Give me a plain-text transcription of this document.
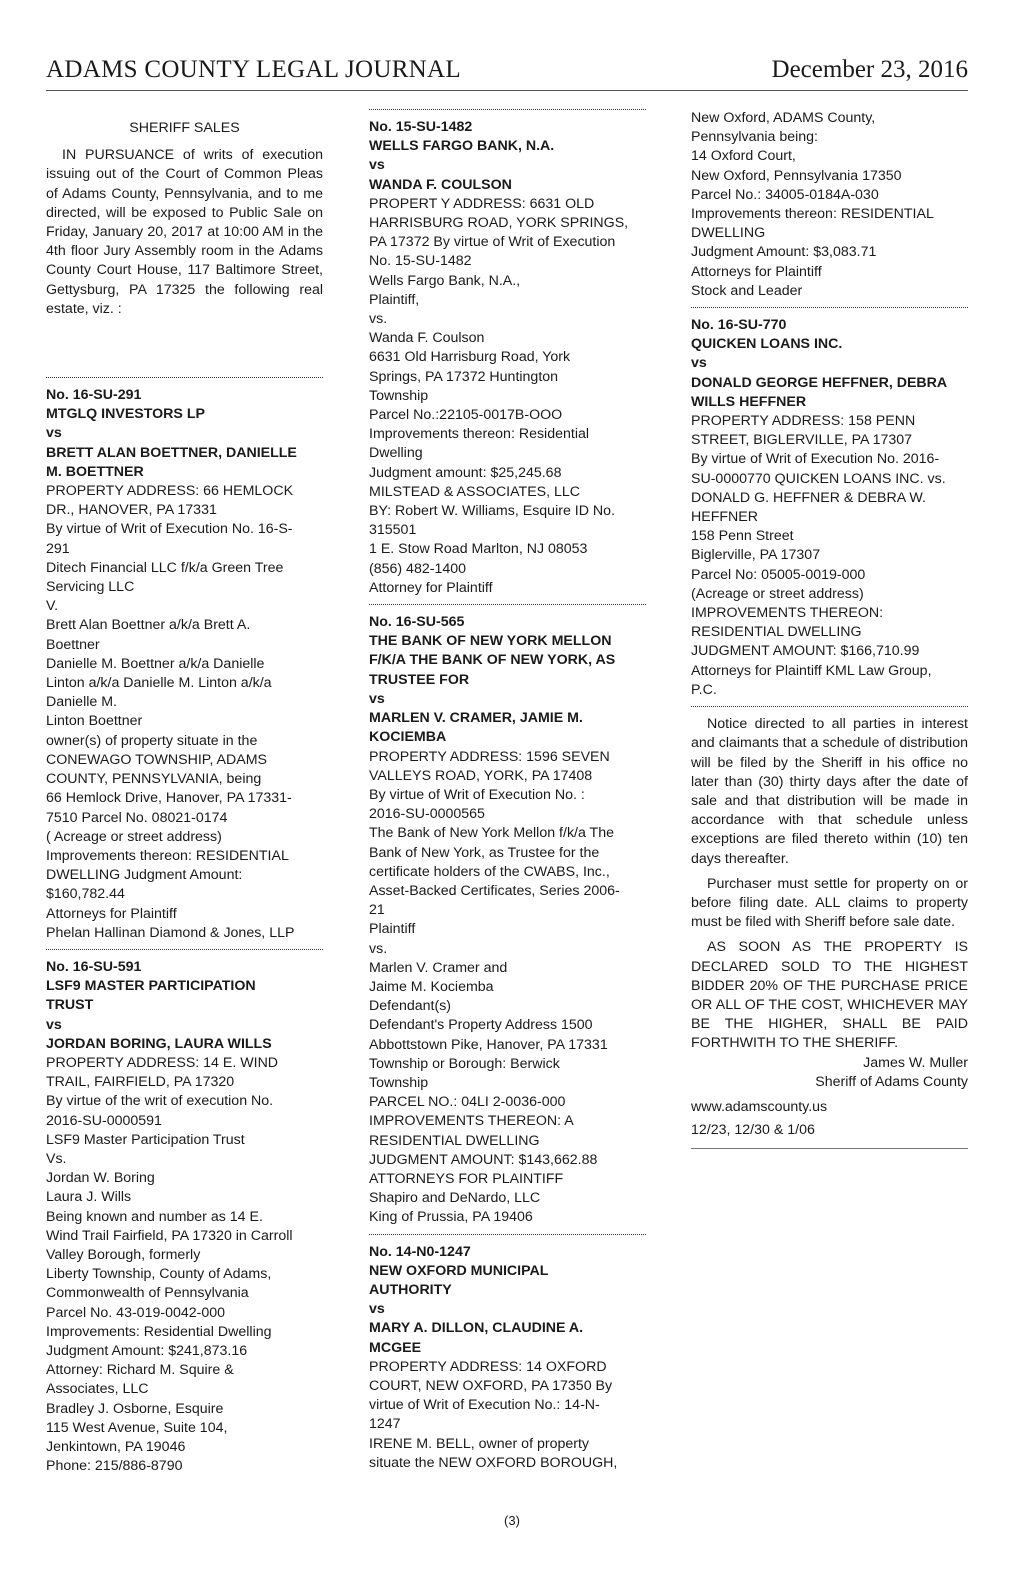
ADAMS COUNTY LEGAL JOURNAL	December 23, 2016
SHERIFF SALES
IN PURSUANCE of writs of execution issuing out of the Court of Common Pleas of Adams County, Pennsylvania, and to me directed, will be exposed to Public Sale on Friday, January 20, 2017 at 10:00 AM in the 4th floor Jury Assembly room in the Adams County Court House, 117 Baltimore Street, Gettysburg, PA 17325 the following real estate, viz. :
No. 16-SU-291
MTGLQ INVESTORS LP
vs
BRETT ALAN BOETTNER, DANIELLE
M. BOETTNER
PROPERTY ADDRESS: 66 HEMLOCK
DR., HANOVER, PA 17331
By virtue of Writ of Execution No. 16-S-
291
Ditech Financial LLC f/k/a Green Tree
Servicing LLC
V.
Brett Alan Boettner a/k/a Brett A.
Boettner
Danielle M. Boettner a/k/a Danielle
Linton a/k/a Danielle M. Linton a/k/a
Danielle M.
Linton Boettner
owner(s) of property situate in the
CONEWAGO TOWNSHIP, ADAMS
COUNTY, PENNSYLVANIA, being
66 Hemlock Drive, Hanover, PA 17331-
7510 Parcel No. 08021-0174
( Acreage or street address)
Improvements thereon: RESIDENTIAL
DWELLING Judgment Amount:
$160,782.44
Attorneys for Plaintiff
Phelan Hallinan Diamond & Jones, LLP
No. 16-SU-591
LSF9 MASTER PARTICIPATION
TRUST
vs
JORDAN BORING, LAURA WILLS
PROPERTY ADDRESS: 14 E. WIND
TRAIL, FAIRFIELD, PA 17320
By virtue of the writ of execution No.
2016-SU-0000591
LSF9 Master Participation Trust
Vs.
Jordan W. Boring
Laura J. Wills
Being known and number as 14 E.
Wind Trail Fairfield, PA 17320 in Carroll
Valley Borough, formerly
Liberty Township, County of Adams,
Commonwealth of Pennsylvania
Parcel No. 43-019-0042-000
Improvements: Residential Dwelling
Judgment Amount: $241,873.16
Attorney: Richard M. Squire &
Associates, LLC
Bradley J. Osborne, Esquire
115 West Avenue, Suite 104,
Jenkintown, PA 19046
Phone: 215/886-8790
No. 15-SU-1482
WELLS FARGO BANK, N.A.
vs
WANDA F. COULSON
PROPERT Y ADDRESS: 6631 OLD
HARRISBURG ROAD, YORK SPRINGS,
PA 17372 By virtue of Writ of Execution
No. 15-SU-1482
Wells Fargo Bank, N.A.,
Plaintiff,
vs.
Wanda F. Coulson
6631 Old Harrisburg Road, York
Springs, PA 17372 Huntington
Township
Parcel No.:22105-0017B-OOO
Improvements thereon: Residential
Dwelling
Judgment amount: $25,245.68
MILSTEAD & ASSOCIATES, LLC
BY: Robert W. Williams, Esquire ID No.
315501
1 E. Stow Road Marlton, NJ 08053
(856) 482-1400
Attorney for Plaintiff
No. 16-SU-565
THE BANK OF NEW YORK MELLON
F/K/A THE BANK OF NEW YORK, AS
TRUSTEE FOR
vs
MARLEN V. CRAMER, JAMIE M.
KOCIEMBA
PROPERTY ADDRESS: 1596 SEVEN
VALLEYS ROAD, YORK, PA 17408
By virtue of Writ of Execution No. :
2016-SU-0000565
The Bank of New York Mellon f/k/a The
Bank of New York, as Trustee for the
certificate holders of the CWABS, Inc.,
Asset-Backed Certificates, Series 2006-
21
Plaintiff
vs.
Marlen V. Cramer and
Jaime M. Kociemba
Defendant(s)
Defendant's Property Address 1500
Abbottstown Pike, Hanover, PA 17331
Township or Borough: Berwick
Township
PARCEL NO.: 04LI 2-0036-000
IMPROVEMENTS THEREON: A
RESIDENTIAL DWELLING
JUDGMENT AMOUNT: $143,662.88
ATTORNEYS FOR PLAINTIFF
Shapiro and DeNardo, LLC
King of Prussia, PA 19406
No. 14-N0-1247
NEW OXFORD MUNICIPAL
AUTHORITY
vs
MARY A. DILLON, CLAUDINE A.
MCGEE
PROPERTY ADDRESS: 14 OXFORD
COURT, NEW OXFORD, PA 17350 By
virtue of Writ of Execution No.: 14-N-
1247
IRENE M. BELL, owner of property
situate the NEW OXFORD BOROUGH,
New Oxford, ADAMS County,
Pennsylvania being:
14 Oxford Court,
New Oxford, Pennsylvania 17350
Parcel No.: 34005-0184A-030
Improvements thereon: RESIDENTIAL
DWELLING
Judgment Amount: $3,083.71
Attorneys for Plaintiff
Stock and Leader
No. 16-SU-770
QUICKEN LOANS INC.
vs
DONALD GEORGE HEFFNER, DEBRA
WILLS HEFFNER
PROPERTY ADDRESS: 158 PENN
STREET, BIGLERVILLE, PA 17307
By virtue of Writ of Execution No. 2016-
SU-0000770 QUICKEN LOANS INC. vs.
DONALD G. HEFFNER & DEBRA W.
HEFFNER
158 Penn Street
Biglerville, PA 17307
Parcel No: 05005-0019-000
(Acreage or street address)
IMPROVEMENTS THEREON:
RESIDENTIAL DWELLING
JUDGMENT AMOUNT: $166,710.99
Attorneys for Plaintiff KML Law Group,
P.C.
Notice directed to all parties in interest and claimants that a schedule of distribution will be filed by the Sheriff in his office no later than (30) thirty days after the date of sale and that distribution will be made in accordance with that schedule unless exceptions are filed thereto within (10) ten days thereafter.
Purchaser must settle for property on or before filing date. ALL claims to property must be filed with Sheriff before sale date.
AS SOON AS THE PROPERTY IS DECLARED SOLD TO THE HIGHEST BIDDER 20% OF THE PURCHASE PRICE OR ALL OF THE COST, WHICHEVER MAY BE THE HIGHER, SHALL BE PAID FORTHWITH TO THE SHERIFF.
James W. Muller
Sheriff of Adams County
www.adamscounty.us
12/23, 12/30 & 1/06
(3)
